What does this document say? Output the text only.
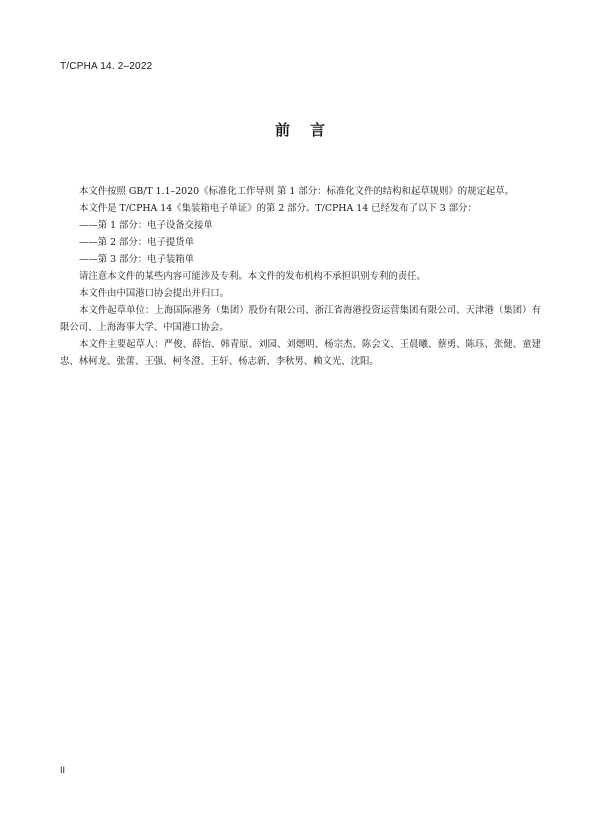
T/CPHA 14. 2–2022
前言

本文件按照 GB/T 1.1–2020《标准化工作导则 第 1 部分：标准化文件的结构和起草规则》的规定起草。

本文件是 T/CPHA 14《集装箱电子单证》的第 2 部分。T/CPHA 14 已经发布了以下 3 部分：

——第 1 部分：电子设备交接单

——第 2 部分：电子提货单

——第 3 部分：电子装箱单

请注意本文件的某些内容可能涉及专利。本文件的发布机构不承担识别专利的责任。

本文件由中国港口协会提出并归口。

本文件起草单位：上海国际港务（集团）股份有限公司、浙江省海港投资运营集团有限公司、天津港（集团）有限公司、上海海事大学、中国港口协会。

本文件主要起草人：严俊、薛怡、韩青原、刘园、刘煾明、杨宗杰、陈会文、王晨曦、蔡勇、陈珏、张健、童建忠、林柯龙、张蕾、王强、柯冬澄、王轩、杨志新、李秋男、赖文光、沈阳。

II
